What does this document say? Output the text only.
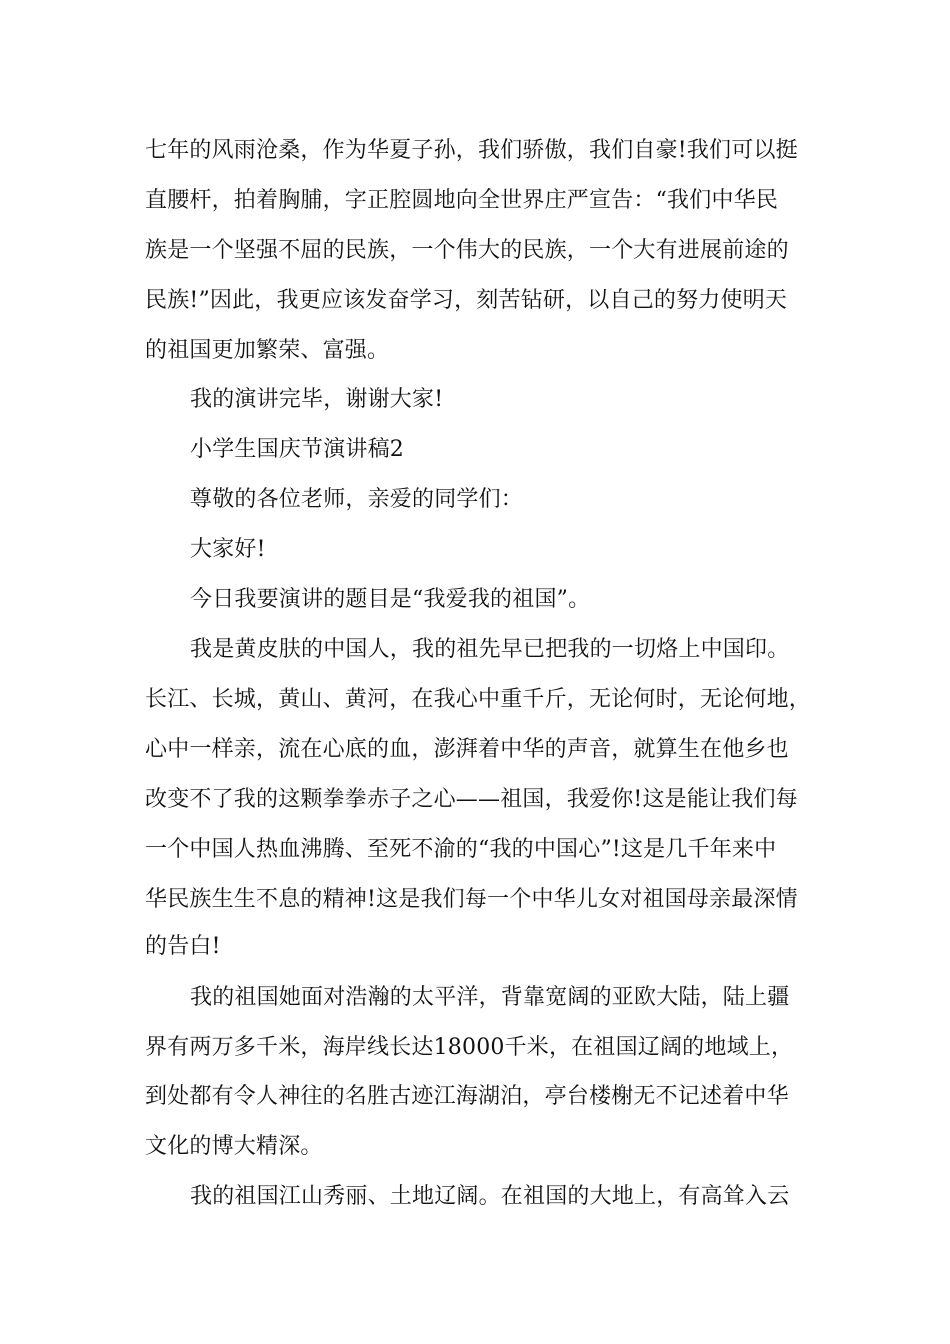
七年的风雨沧桑，作为华夏子孙，我们骄傲，我们自豪!我们可以挺
直腰杆，拍着胸脯，字正腔圆地向全世界庄严宣告：“我们中华民
族是一个坚强不屈的民族，一个伟大的民族，一个大有进展前途的
民族!”因此，我更应该发奋学习，刻苦钻研，以自己的努力使明天
的祖国更加繁荣、富强。
我的演讲完毕，谢谢大家!
小学生国庆节演讲稿2
尊敬的各位老师，亲爱的同学们：
大家好!
今日我要演讲的题目是“我爱我的祖国”。
我是黄皮肤的中国人，我的祖先早已把我的一切烙上中国印。
长江、长城，黄山、黄河，在我心中重千斤，无论何时，无论何地，
心中一样亲，流在心底的血，澎湃着中华的声音，就算生在他乡也
改变不了我的这颗拳拳赤子之心——祖国，我爱你!这是能让我们每
一个中国人热血沸腾、至死不渝的“我的中国心”!这是几千年来中
华民族生生不息的精神!这是我们每一个中华儿女对祖国母亲最深情
的告白!
我的祖国她面对浩瀚的太平洋，背靠宽阔的亚欧大陆，陆上疆
界有两万多千米，海岸线长达18000千米，在祖国辽阔的地域上，
到处都有令人神往的名胜古迹江海湖泊，亭台楼榭无不记述着中华
文化的博大精深。
我的祖国江山秀丽、土地辽阔。在祖国的大地上，有高耸入云
